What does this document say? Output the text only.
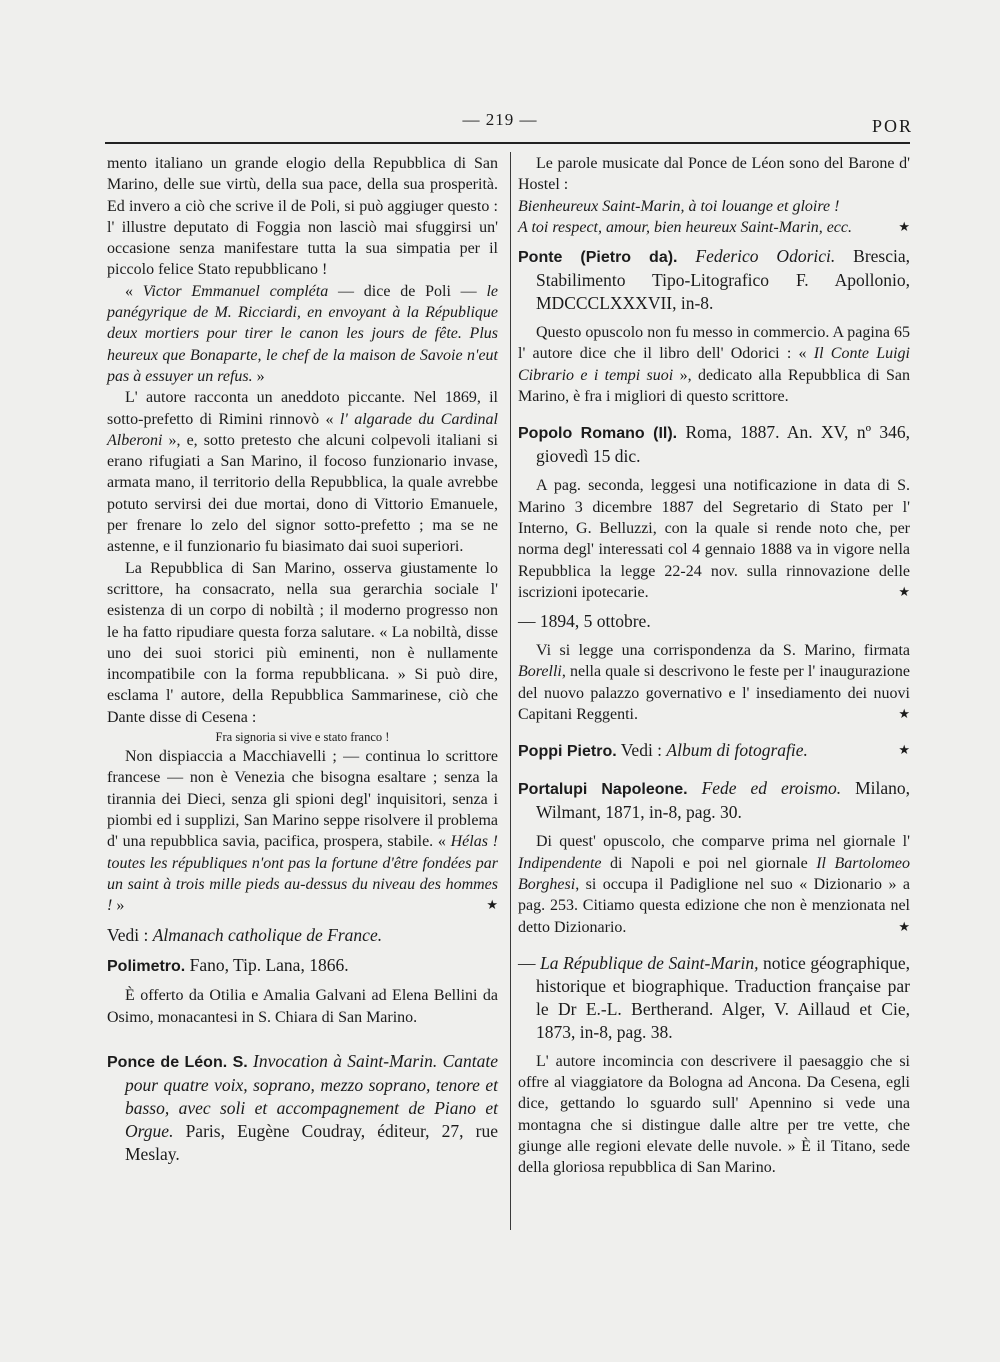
— 219 —	POR

mento italiano un grande elogio della Repubblica di San Marino, delle sue virtù, della sua pace, della sua prosperità. Ed invero a ciò che scrive il de Poli, si può aggiuger questo : l' illustre deputato di Foggia non lasciò mai sfuggirsi un' occasione senza manifestare tutta la sua simpatia per il piccolo felice Stato repubblicano !

« Victor Emmanuel compléta — dice de Poli — le panégyrique de M. Ricciardi, en envoyant à la République deux mortiers pour tirer le canon les jours de fête. Plus heureux que Bonaparte, le chef de la maison de Savoie n'eut pas à essuyer un refus. »

L' autore racconta un aneddoto piccante. Nel 1869, il sotto-prefetto di Rimini rinnovò « l' algarade du Cardinal Alberoni », e, sotto pretesto che alcuni colpevoli italiani si erano rifugiati a San Marino, il focoso funzionario invase, armata mano, il territorio della Repubblica, la quale avrebbe potuto servirsi dei due mortai, dono di Vittorio Emanuele, per frenare lo zelo del signor sotto-prefetto ; ma se ne astenne, e il funzionario fu biasimato dai suoi superiori.

La Repubblica di San Marino, osserva giustamente lo scrittore, ha consacrato, nella sua gerarchia sociale l' esistenza di un corpo di nobiltà ; il moderno progresso non le ha fatto ripudiare questa forza salutare. « La nobiltà, disse uno dei suoi storici più eminenti, non è nullamente incompatibile con la forma repubblicana. » Si può dire, esclama l' autore, della Repubblica Sammarinese, ciò che Dante disse di Cesena :

Fra signoria si vive e stato franco !

Non dispiaccia a Macchiavelli ; — continua lo scrittore francese — non è Venezia che bisogna esaltare ; senza la tirannia dei Dieci, senza gli spioni degl' inquisitori, senza i piombi ed i supplizi, San Marino seppe risolvere il problema d' una repubblica savia, pacifica, prospera, stabile. « Hélas ! toutes les républiques n'ont pas la fortune d'être fondées par un saint à trois mille pieds au-dessus du niveau des hommes ! »	★

Vedi : Almanach catholique de France.

Polimetro. Fano, Tip. Lana, 1866.

È offerto da Otilia e Amalia Galvani ad Elena Bellini da Osimo, monacantesi in S. Chiara di San Marino.

Ponce de Léon. S. Invocation à Saint-Marin. Cantate pour quatre voix, soprano, mezzo soprano, tenore et basso, avec soli et accompagnement de Piano et Orgue. Paris, Eugène Coudray, éditeur, 27, rue Meslay.

Le parole musicate dal Ponce de Léon sono del Barone d' Hostel :

Bienheureux Saint-Marin, à toi louange et gloire !

A toi respect, amour, bien heureux Saint-Marin, ecc.	★

Ponte (Pietro da). Federico Odorici. Brescia, Stabilimento Tipo-Litografico F. Apollonio, MDCCCLXXXVII, in-8.

Questo opuscolo non fu messo in commercio. A pagina 65 l' autore dice che il libro dell' Odorici : « Il Conte Luigi Cibrario e i tempi suoi », dedicato alla Repubblica di San Marino, è fra i migliori di questo scrittore.

Popolo Romano (Il). Roma, 1887. An. XV, nº 346, giovedì 15 dic.

A pag. seconda, leggesi una notificazione in data di S. Marino 3 dicembre 1887 del Segretario di Stato per l' Interno, G. Belluzzi, con la quale si rende noto che, per norma degl' interessati col 4 gennaio 1888 va in vigore nella Repubblica la legge 22-24 nov. sulla rinnovazione delle iscrizioni ipotecarie.	★

— 1894, 5 ottobre.

Vi si legge una corrispondenza da S. Marino, firmata Borelli, nella quale si descrivono le feste per l' inaugurazione del nuovo palazzo governativo e l' insediamento dei nuovi Capitani Reggenti.	★

Poppi Pietro. Vedi : Album di fotografie.	★

Portalupi Napoleone. Fede ed eroismo. Milano, Wilmant, 1871, in-8, pag. 30.

Di quest' opuscolo, che comparve prima nel giornale l' Indipendente di Napoli e poi nel giornale Il Bartolomeo Borghesi, si occupa il Padiglione nel suo « Dizionario » a pag. 253. Citiamo questa edizione che non è menzionata nel detto Dizionario.	★

— La République de Saint-Marin, notice géographique, historique et biographique. Traduction française par le Dr E.-L. Bertherand. Alger, V. Aillaud et Cie, 1873, in-8, pag. 38.

L' autore incomincia con descrivere il paesaggio che si offre al viaggiatore da Bologna ad Ancona. Da Cesena, egli dice, gettando lo sguardo sull' Apennino si vede una montagna che si distingue dalle altre per tre vette, che giunge alle regioni elevate delle nuvole. » È il Titano, sede della gloriosa repubblica di San Marino.
